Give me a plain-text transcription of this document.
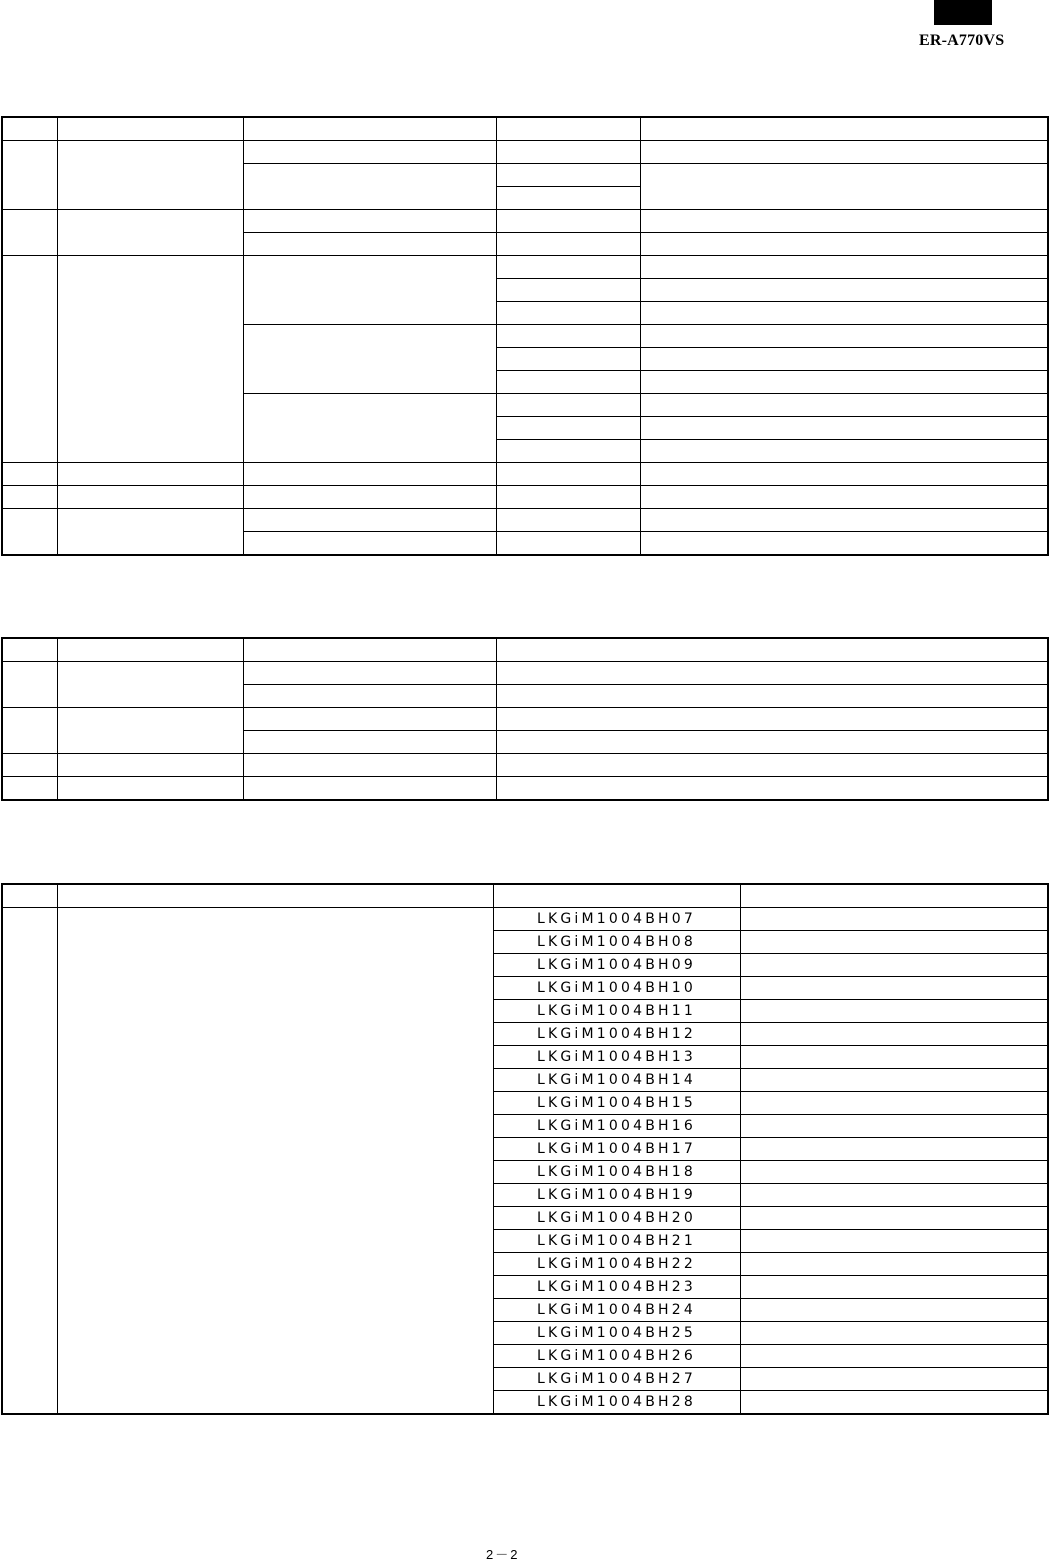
ER-A770VS

		LKGiM1004BH07	
		LKGiM1004BH08	
		LKGiM1004BH09	
		LKGiM1004BH10	
		LKGiM1004BH11	
		LKGiM1004BH12	
		LKGiM1004BH13	
		LKGiM1004BH14	
		LKGiM1004BH15	
		LKGiM1004BH16	
		LKGiM1004BH17	
		LKGiM1004BH18	
		LKGiM1004BH19	
		LKGiM1004BH20	
		LKGiM1004BH21	
		LKGiM1004BH22	
		LKGiM1004BH23	
		LKGiM1004BH24	
		LKGiM1004BH25	
		LKGiM1004BH26	
		LKGiM1004BH27	
		LKGiM1004BH28	
2－2
